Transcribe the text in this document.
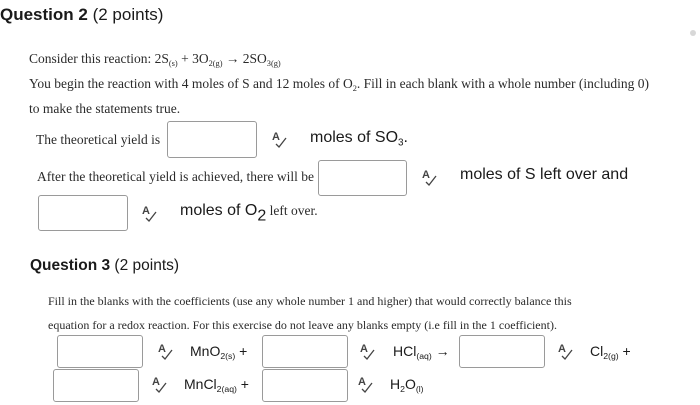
Question 2 (2 points)
Consider this reaction: $2S_{(s)} + 3O_{2(g)} \to 2SO_{3(g)}$
You begin the reaction with 4 moles of S and 12 moles of $O_2$. Fill in each blank with a whole number (including 0)
to make the statements true.
The theoretical yield is	A moles of $SO_3$.
After the theoretical yield is achieved, there will be	A moles of S left over and
A moles of $O_2$ left over.
Question 3 (2 points)
Fill in the blanks with the coefficients (use any whole number 1 and higher) that would correctly balance this
equation for a redox reaction. For this exercise do not leave any blanks empty (i.e fill in the 1 coefficient).
A MnO$_{2(s)}$ +	A HCl$_{(aq)}$ →	A $Cl_{2(g)}$ +
A MnCl$_{2(aq)}$ +	A $H_2O_{(l)}$
